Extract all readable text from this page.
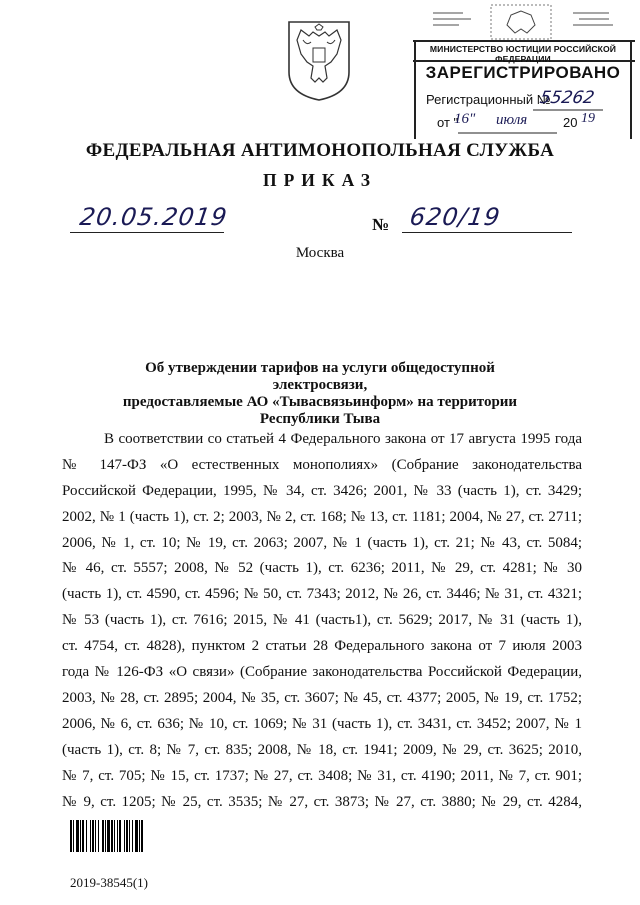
МИНИСТЕРСТВО ЮСТИЦИИ РОССИЙСКОЙ ФЕДЕРАЦИИ
ЗАРЕГИСТРИРОВАНО
Регистрационный №
55262
от "
16" июля	20 19
ФЕДЕРАЛЬНАЯ АНТИМОНОПОЛЬНАЯ СЛУЖБА
ПРИКАЗ
20.05.2019	№ 620/19
Москва
Об утверждении тарифов на услуги общедоступной электросвязи,
предоставляемые АО «Тывасвязьинформ» на территории
Республики Тыва
В соответствии со статьей 4 Федерального закона от 17 августа 1995 года
№ 147-ФЗ «О естественных монополиях» (Собрание законодательства
Российской Федерации, 1995, № 34, ст. 3426; 2001, № 33 (часть 1), ст. 3429;
2002, № 1 (часть 1), ст. 2; 2003, № 2, ст. 168; № 13, ст. 1181; 2004, № 27, ст. 2711;
2006, № 1, ст. 10; № 19, ст. 2063; 2007, № 1 (часть 1), ст. 21; № 43, ст. 5084;
№ 46, ст. 5557; 2008, № 52 (часть 1), ст. 6236; 2011, № 29, ст. 4281; № 30
(часть 1), ст. 4590, ст. 4596; № 50, ст. 7343; 2012, № 26, ст. 3446; № 31, ст. 4321;
№ 53 (часть 1), ст. 7616; 2015, № 41 (часть1), ст. 5629; 2017, № 31 (часть 1),
ст. 4754, ст. 4828), пунктом 2 статьи 28 Федерального закона от 7 июля 2003
года № 126-ФЗ «О связи» (Собрание законодательства Российской Федерации,
2003, № 28, ст. 2895; 2004, № 35, ст. 3607; № 45, ст. 4377; 2005, № 19, ст. 1752;
2006, № 6, ст. 636; № 10, ст. 1069; № 31 (часть 1), ст. 3431, ст. 3452; 2007, № 1
(часть 1), ст. 8; № 7, ст. 835; 2008, № 18, ст. 1941; 2009, № 29, ст. 3625; 2010,
№ 7, ст. 705; № 15, ст. 1737; № 27, ст. 3408; № 31, ст. 4190; 2011, № 7, ст. 901;
№ 9, ст. 1205; № 25, ст. 3535; № 27, ст. 3873; № 27, ст. 3880; № 29, ст. 4284,
2019-38545(1)
